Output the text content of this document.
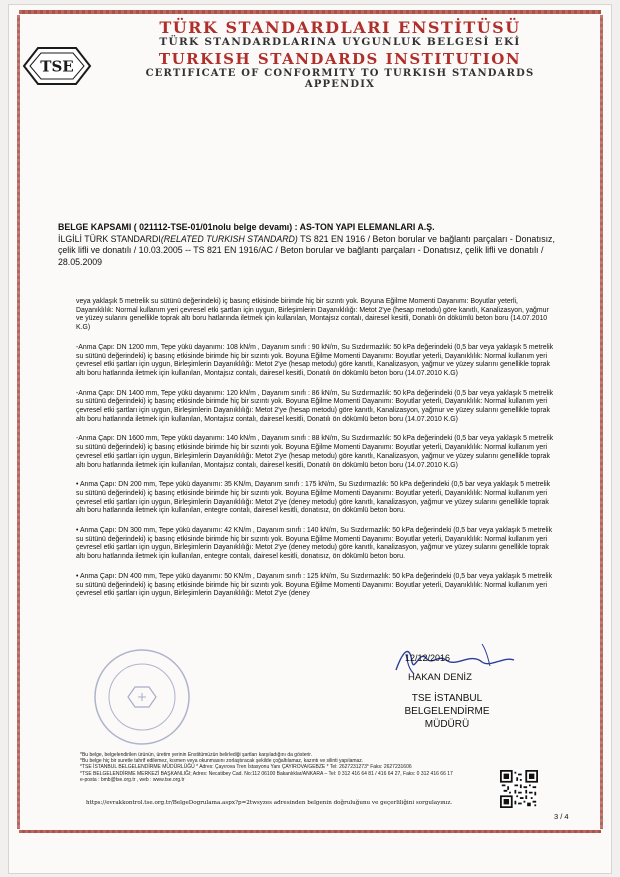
TSE
TÜRK STANDARDLARI ENSTİTÜSÜ
TÜRK STANDARDLARINA UYGUNLUK BELGESİ EKİ
TURKISH STANDARDS INSTITUTION
CERTIFICATE OF CONFORMITY TO TURKISH STANDARDS APPENDIX
BELGE KAPSAMI ( 021112-TSE-01/01nolu belge devamı) : AS-TON YAPI ELEMANLARI A.Ş.
İLGİLİ TÜRK STANDARDI(RELATED TURKISH STANDARD) TS 821 EN 1916 / Beton borular ve bağlantı parçaları - Donatısız, çelik lifli ve donatılı / 10.03.2005 -- TS 821 EN 1916/AC / Beton borular ve bağlantı parçaları - Donatısız, çelik lifli ve donatılı / 28.05.2009

veya yaklaşık 5 metrelik su sütünü değerindeki) iç basınç etkisinde birimde hiç bir sızıntı yok. Boyuna Eğilme Momenti Dayanımı: Boyutlar yeterli, Dayanıklılık: Normal kullanım yeri çevresel etki şartları için uygun, Birleşimlerin Dayanıklılığı: Metot 2'ye (hesap metodu) göre kanıtlı, Kanalizasyon, yağmur ve yüzey sularını genellikle toprak altı boru hatlarında iletmek için kullanılan, Montajsız contalı, dairesel kesitli, Donatılı ön dökümlü beton boru (14.07.2010 K.G)

-Anma Çapı: DN 1200 mm, Tepe yükü dayanımı: 108 kN/m , Dayanım sınıfı : 90 kN/m, Su Sızdırmazlık: 50 kPa değerindeki (0,5 bar veya yaklaşık 5 metrelik su sütünü değerindeki) iç basınç etkisinde birimde hiç bir sızıntı yok. Boyuna Eğilme Momenti Dayanımı: Boyutlar yeterli, Dayanıklılık: Normal kullanım yeri çevresel etki şartları için uygun, Birleşimlerin Dayanıklılığı: Metot 2'ye (hesap metodu) göre kanıtlı, Kanalizasyon, yağmur ve yüzey sularını genellikle toprak altı boru hatlarında iletmek için kullanılan, Montajsız contalı, dairesel kesitli, Donatılı ön dökümlü beton boru (14.07.2010 K.G)

-Anma Çapı: DN 1400 mm, Tepe yükü dayanımı: 120 kN/m , Dayanım sınıfı : 86 kN/m, Su Sızdırmazlık: 50 kPa değerindeki (0,5 bar veya yaklaşık 5 metrelik su sütünü değerindeki) iç basınç etkisinde birimde hiç bir sızıntı yok. Boyuna Eğilme Momenti Dayanımı: Boyutlar yeterli, Dayanıklılık: Normal kullanım yeri çevresel etki şartları için uygun, Birleşimlerin Dayanıklılığı: Metot 2'ye (hesap metodu) göre kanıtlı, Kanalizasyon, yağmur ve yüzey sularını genellikle toprak altı boru hatlarında iletmek için kullanılan, Montajsız contalı, dairesel kesitli, Donatılı ön dökümlü beton boru (14.07.2010 K.G)

-Anma Çapı: DN 1600 mm, Tepe yükü dayanımı: 140 kN/m , Dayanım sınıfı : 88 kN/m, Su Sızdırmazlık: 50 kPa değerindeki (0,5 bar veya yaklaşık 5 metrelik su sütünü değerindeki) iç basınç etkisinde birimde hiç bir sızıntı yok. Boyuna Eğilme Momenti Dayanımı: Boyutlar yeterli, Dayanıklılık: Normal kullanım yeri çevresel etki şartları için uygun, Birleşimlerin Dayanıklılığı: Metot 2'ye (hesap metodu) göre kanıtlı, Kanalizasyon, yağmur ve yüzey sularını genellikle toprak altı boru hatlarında iletmek için kullanılan, Montajsız contalı, dairesel kesitli, Donatılı ön dökümlü beton boru (14.07.2010 K.G)

• Anma Çapı: DN 200 mm, Tepe yükü dayanımı: 35 KN/m, Dayanım sınıfı : 175 kN/m, Su Sızdırmazlık: 50 kPa değerindeki (0,5 bar veya yaklaşık 5 metrelik su sütünü değerindeki) iç basınç etkisinde birimde hiç bir sızıntı yok. Boyuna Eğilme Momenti Dayanımı: Boyutlar yeterli, Dayanıklılık: Normal kullanım yeri çevresel etki şartları için uygun, Birleşimlerin Dayanıklılığı: Metot 2'ye (deney metodu) göre kanıtlı, kanalizasyon, yağmur ve yüzey sularını genellikle toprak altı boru hatlarında iletmek için kullanılan, entegre contalı, dairesel kesitli, donatısız, ön dökümlü beton boru.

• Anma Çapı: DN 300 mm, Tepe yükü dayanımı: 42 KN/m , Dayanım sınıfı : 140 kN/m, Su Sızdırmazlık: 50 kPa değerindeki (0,5 bar veya yaklaşık 5 metrelik su sütünü değerindeki) iç basınç etkisinde birimde hiç bir sızıntı yok. Boyuna Eğilme Momenti Dayanımı: Boyutlar yeterli, Dayanıklılık: Normal kullanım yeri çevresel etki şartları için uygun, Birleşimlerin Dayanıklılığı: Metot 2'ye (deney metodu) göre kanıtlı, kanalizasyon, yağmur ve yüzey sularını genellikle toprak altı boru hatlarında iletmek için kullanılan, entegre contalı, dairesel kesitli, donatısız, ön dökümlü beton boru.

• Anma Çapı: DN 400 mm, Tepe yükü dayanımı: 50 KN/m , Dayanım sınıfı : 125 kN/m, Su Sızdırmazlık: 50 kPa değerindeki (0,5 bar veya yaklaşık 5 metrelik su sütünü değerindeki) iç basınç etkisinde birimde hiç bir sızıntı yok. Boyuna Eğilme Momenti Dayanımı: Boyutlar yeterli, Dayanıklılık: Normal kullanım yeri çevresel etki şartları için uygun, Birleşimlerin Dayanıklılığı: Metot 2'ye (deney

12/12/2016
HAKAN DENİZ
TSE İSTANBUL BELGELENDİRME
MÜDÜRÜ
*Bu belge, belgelendirilen ürünün, üretim yerinin Enstitümüzün belirlediği şartları karşıladığını da gösterir.
*Bu belge hiç bir suretle tahrif edilemez, kısmen veya okunmasını zorlaştıracak şekilde çoğaltılamaz, kazıntı ve silinti yapılamaz.
*TSE İSTANBUL BELGELENDİRME MÜDÜRLÜĞÜ * Adres: Çayırova Tren İstasyonu Yanı ÇAYIROVA/GEBZE * Tel: 2627231273* Faks: 2627231606
*TSE BELGELENDİRME MERKEZİ BAŞKANLIĞI; Adres: Necatibey Cad. No:112 06100 Bakanlıklar/ANKARA – Tel: 0 312 416 64 81 / 416 64 27, Faks: 0 312 416 66 17
e-posta : bmb@tse.org.tr , web : www.tse.org.tr
https://evrakkontrol.tse.org.tr/BelgeDogrulama.aspx?p=2twsyzes adresinden belgenin doğruluğunu ve geçerliliğini sorgulayınız.
3 / 4
